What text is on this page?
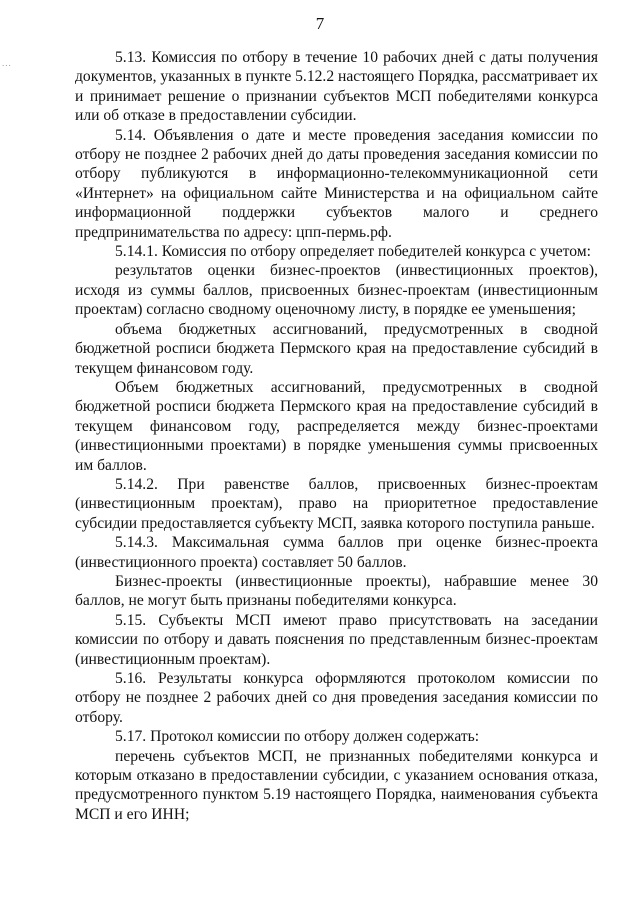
7
...	5.13. Комиссия по отбору в течение 10 рабочих дней с даты получения документов, указанных в пункте 5.12.2 настоящего Порядка, рассматривает их и принимает решение о признании субъектов МСП победителями конкурса или об отказе в предоставлении субсидии.

5.14. Объявления о дате и месте проведения заседания комиссии по отбору не позднее 2 рабочих дней до даты проведения заседания комиссии по отбору публикуются в информационно-телекоммуникационной сети «Интернет» на официальном сайте Министерства и на официальном сайте информационной поддержки субъектов малого и среднего предпринимательства по адресу: цпп-пермь.рф.

5.14.1. Комиссия по отбору определяет победителей конкурса с учетом:

результатов оценки бизнес-проектов (инвестиционных проектов), исходя из суммы баллов, присвоенных бизнес-проектам (инвестиционным проектам) согласно сводному оценочному листу, в порядке ее уменьшения;

объема бюджетных ассигнований, предусмотренных в сводной бюджетной росписи бюджета Пермского края на предоставление субсидий в текущем финансовом году.

Объем бюджетных ассигнований, предусмотренных в сводной бюджетной росписи бюджета Пермского края на предоставление субсидий в текущем финансовом году, распределяется между бизнес-проектами (инвестиционными проектами) в порядке уменьшения суммы присвоенных им баллов.

5.14.2. При равенстве баллов, присвоенных бизнес-проектам (инвестиционным проектам), право на приоритетное предоставление субсидии предоставляется субъекту МСП, заявка которого поступила раньше.

5.14.3. Максимальная сумма баллов при оценке бизнес-проекта (инвестиционного проекта) составляет 50 баллов.

Бизнес-проекты (инвестиционные проекты), набравшие менее 30 баллов, не могут быть признаны победителями конкурса.

5.15. Субъекты МСП имеют право присутствовать на заседании комиссии по отбору и давать пояснения по представленным бизнес-проектам (инвестиционным проектам).

5.16. Результаты конкурса оформляются протоколом комиссии по отбору не позднее 2 рабочих дней со дня проведения заседания комиссии по отбору.

5.17. Протокол комиссии по отбору должен содержать:

перечень субъектов МСП, не признанных победителями конкурса и которым отказано в предоставлении субсидии, с указанием основания отказа, предусмотренного пунктом 5.19 настоящего Порядка, наименования субъекта МСП и его ИНН;
